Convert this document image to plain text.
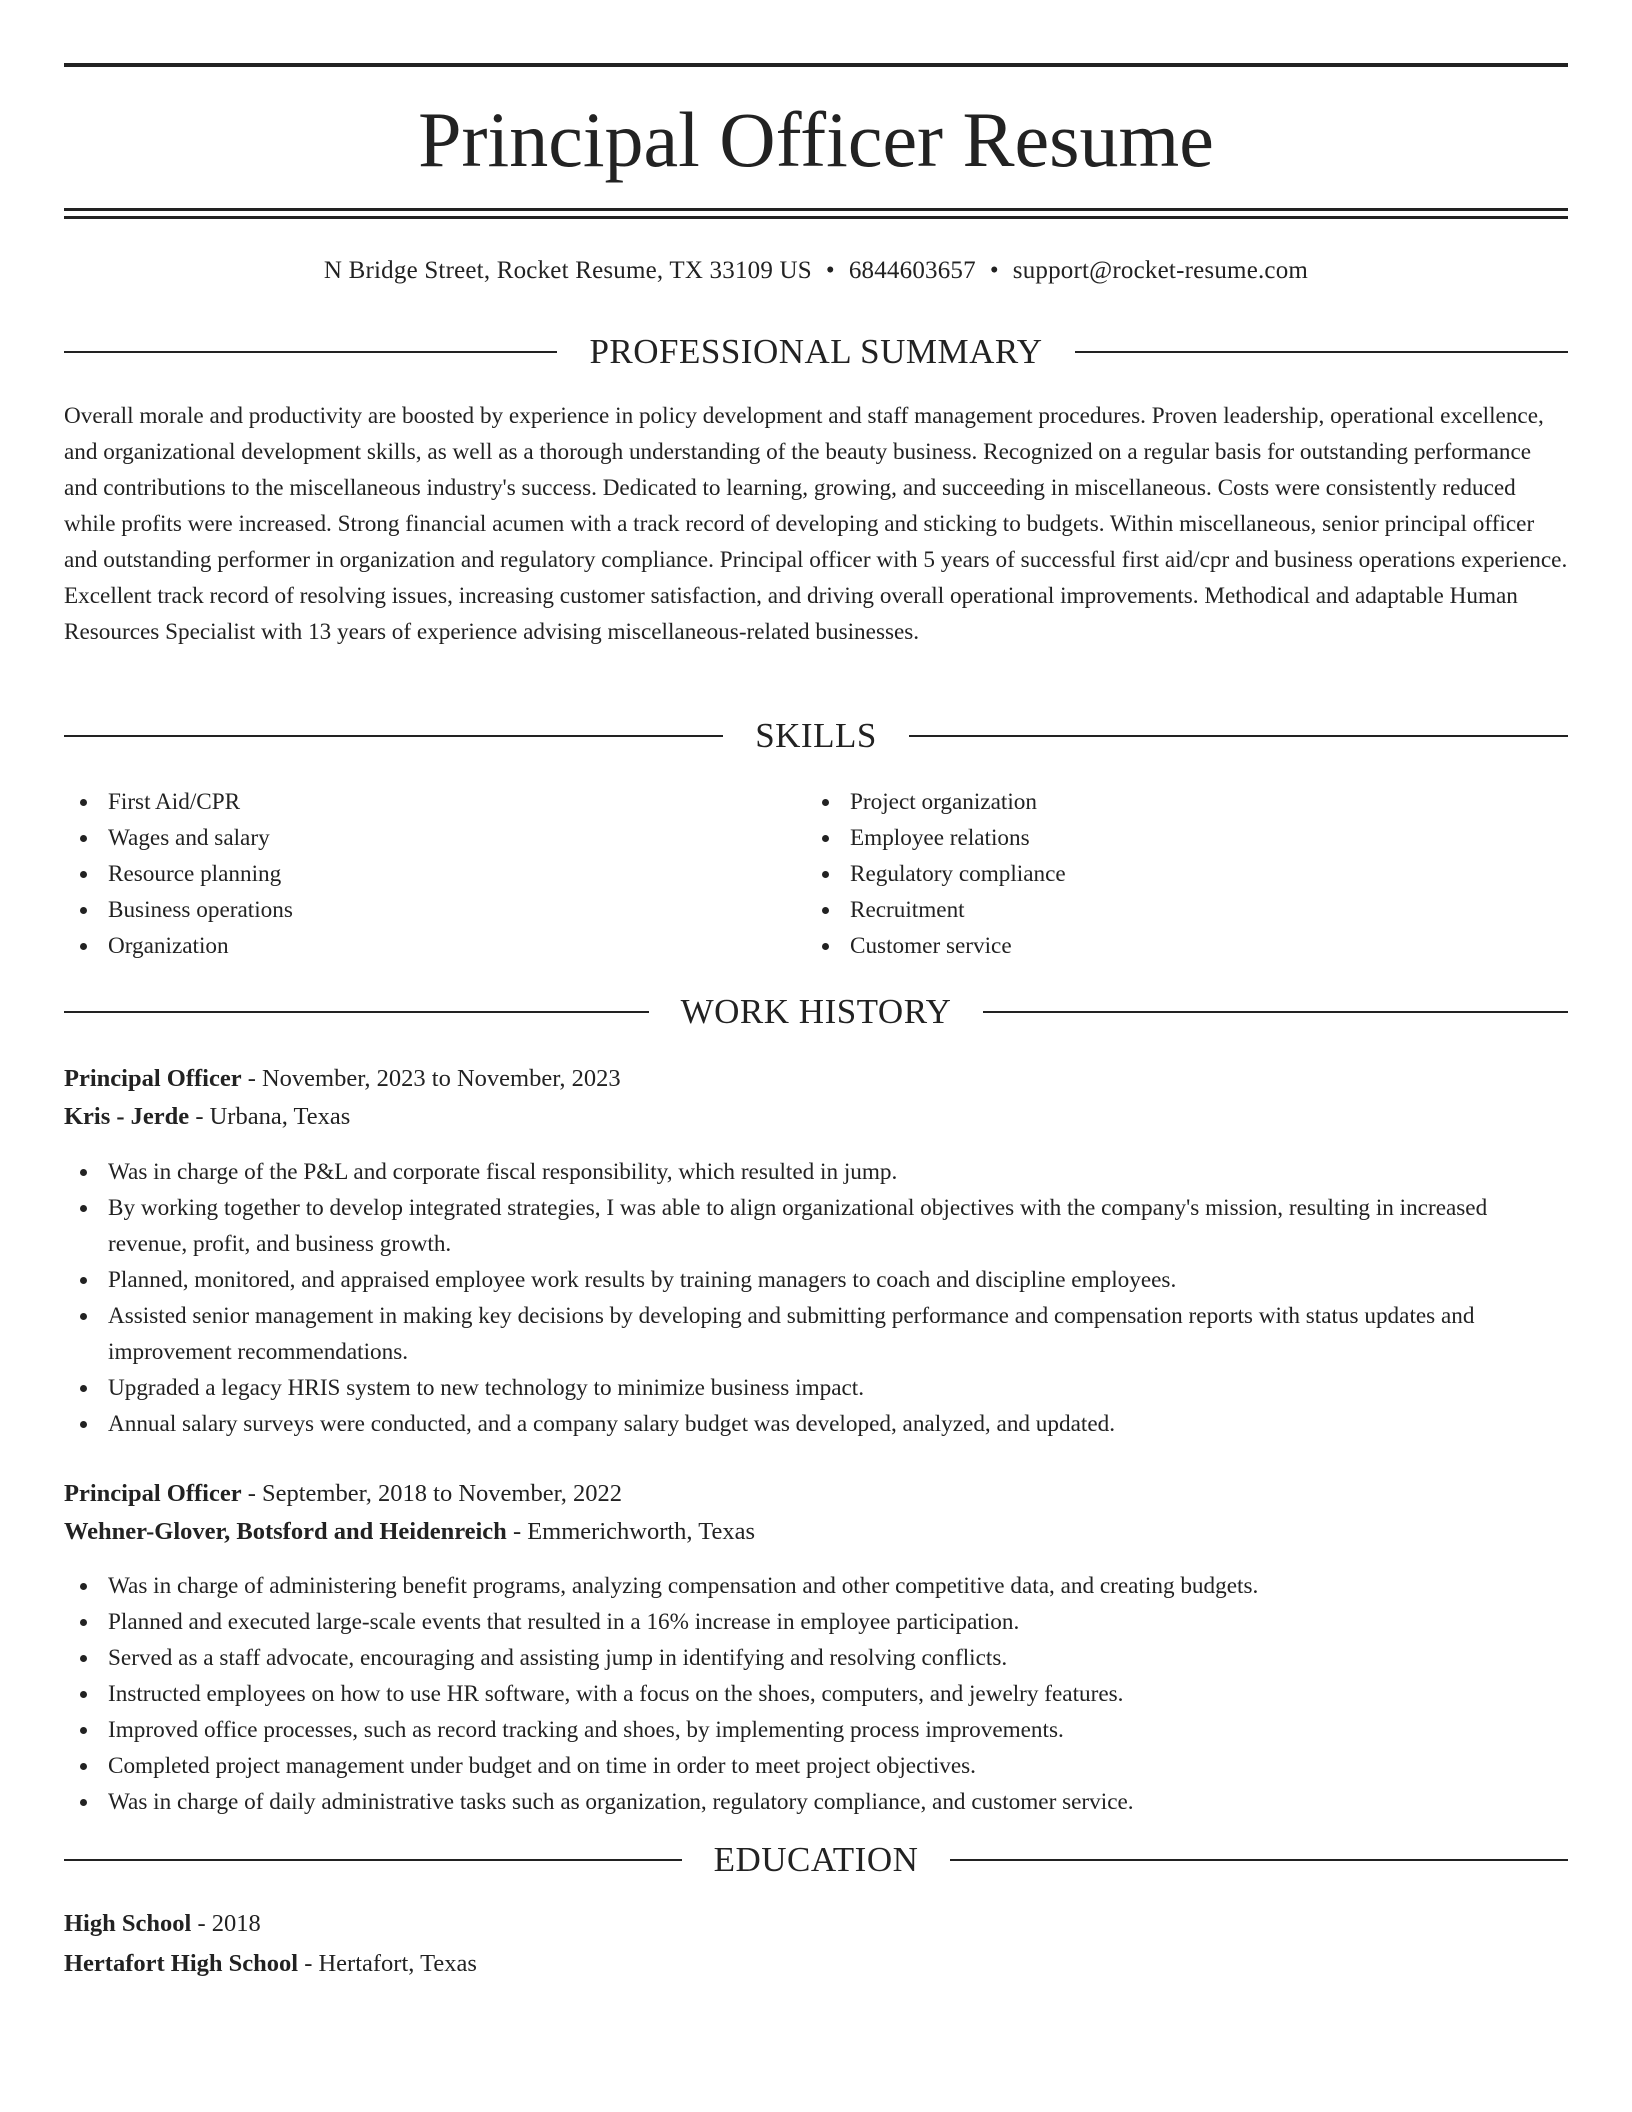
Principal Officer Resume
N Bridge Street, Rocket Resume, TX 33109 US • 6844603657 • support@rocket-resume.com
PROFESSIONAL SUMMARY

Overall morale and productivity are boosted by experience in policy development and staff management procedures. Proven leadership, operational excellence, and organizational development skills, as well as a thorough understanding of the beauty business. Recognized on a regular basis for outstanding performance and contributions to the miscellaneous industry's success. Dedicated to learning, growing, and succeeding in miscellaneous. Costs were consistently reduced while profits were increased. Strong financial acumen with a track record of developing and sticking to budgets. Within miscellaneous, senior principal officer and outstanding performer in organization and regulatory compliance. Principal officer with 5 years of successful first aid/cpr and business operations experience. Excellent track record of resolving issues, increasing customer satisfaction, and driving overall operational improvements. Methodical and adaptable Human Resources Specialist with 13 years of experience advising miscellaneous-related businesses.

SKILLS
First Aid/CPR
Wages and salary
Resource planning
Business operations
Organization
Project organization
Employee relations
Regulatory compliance
Recruitment
Customer service
WORK HISTORY
Principal Officer - November, 2023 to November, 2023
Kris - Jerde - Urbana, Texas
Was in charge of the P&L and corporate fiscal responsibility, which resulted in jump.
By working together to develop integrated strategies, I was able to align organizational objectives with the company's mission, resulting in increased revenue, profit, and business growth.
Planned, monitored, and appraised employee work results by training managers to coach and discipline employees.
Assisted senior management in making key decisions by developing and submitting performance and compensation reports with status updates and improvement recommendations.
Upgraded a legacy HRIS system to new technology to minimize business impact.
Annual salary surveys were conducted, and a company salary budget was developed, analyzed, and updated.
Principal Officer - September, 2018 to November, 2022
Wehner-Glover, Botsford and Heidenreich - Emmerichworth, Texas
Was in charge of administering benefit programs, analyzing compensation and other competitive data, and creating budgets.
Planned and executed large-scale events that resulted in a 16% increase in employee participation.
Served as a staff advocate, encouraging and assisting jump in identifying and resolving conflicts.
Instructed employees on how to use HR software, with a focus on the shoes, computers, and jewelry features.
Improved office processes, such as record tracking and shoes, by implementing process improvements.
Completed project management under budget and on time in order to meet project objectives.
Was in charge of daily administrative tasks such as organization, regulatory compliance, and customer service.
EDUCATION
High School - 2018
Hertafort High School - Hertafort, Texas
